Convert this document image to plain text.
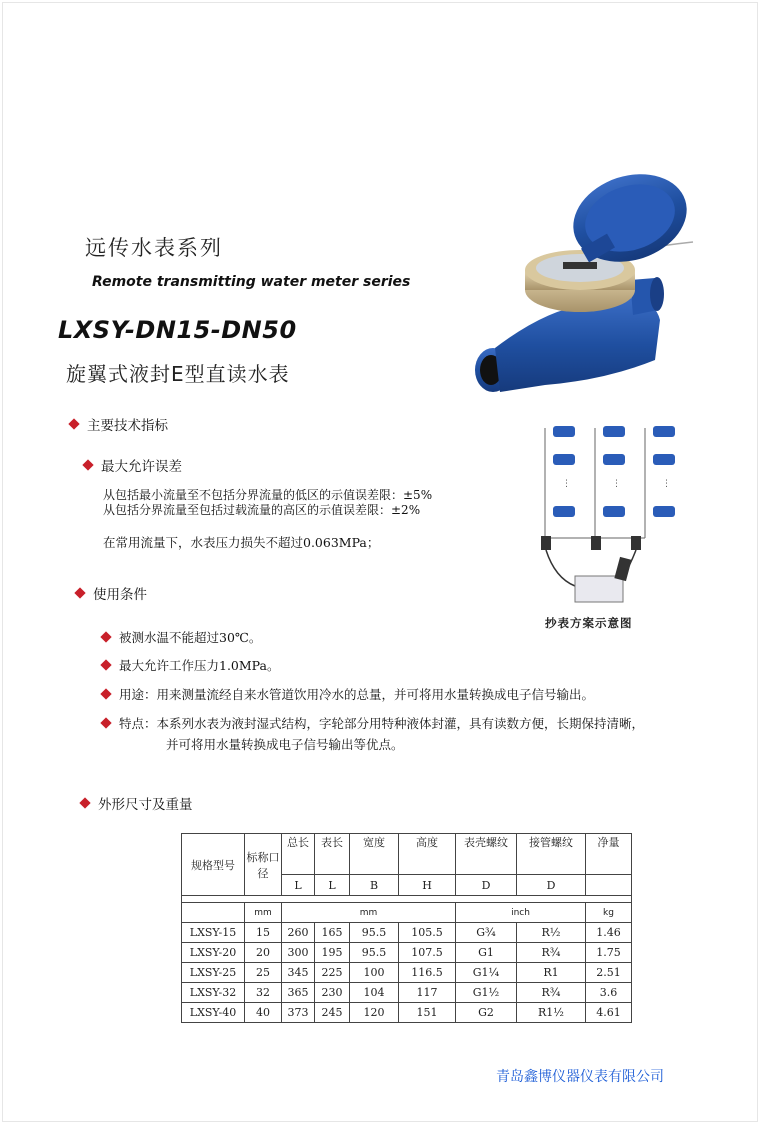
远传水表系列
Remote transmitting water meter series
LXSY-DN15-DN50
旋翼式液封E型直读水表
主要技术指标
最大允许误差
从包括最小流量至不包括分界流量的低区的示值误差限：±5%
从包括分界流量至包括过载流量的高区的示值误差限：±2%
在常用流量下，水表压力损失不超过0.063MPa；
使用条件
被测水温不能超过30℃。
最大允许工作压力1.0MPa。
用途：用来测量流经自来水管道饮用冷水的总量，并可将用水量转换成电子信号输出。
特点：本系列水表为液封湿式结构，字轮部分用特种液体封灌，具有读数方便，长期保持清晰，
并可将用水量转换成电子信号输出等优点。
⋮	⋮	⋮
抄表方案示意图
外形尺寸及重量
规格型号	标称口径	总长	表长	宽度	高度	表壳螺纹	接管螺纹	净量
		L	L	B	H	D	D	

	mm	mm				inch		kg
LXSY-15	15	260	165	95.5	105.5	G¾	R½	1.46
LXSY-20	20	300	195	95.5	107.5	G1	R¾	1.75
LXSY-25	25	345	225	100	116.5	G1¼	R1	2.51
LXSY-32	32	365	230	104	117	G1½	R¾	3.6
LXSY-40	40	373	245	120	151	G2	R1½	4.61
青岛鑫博仪器仪表有限公司
